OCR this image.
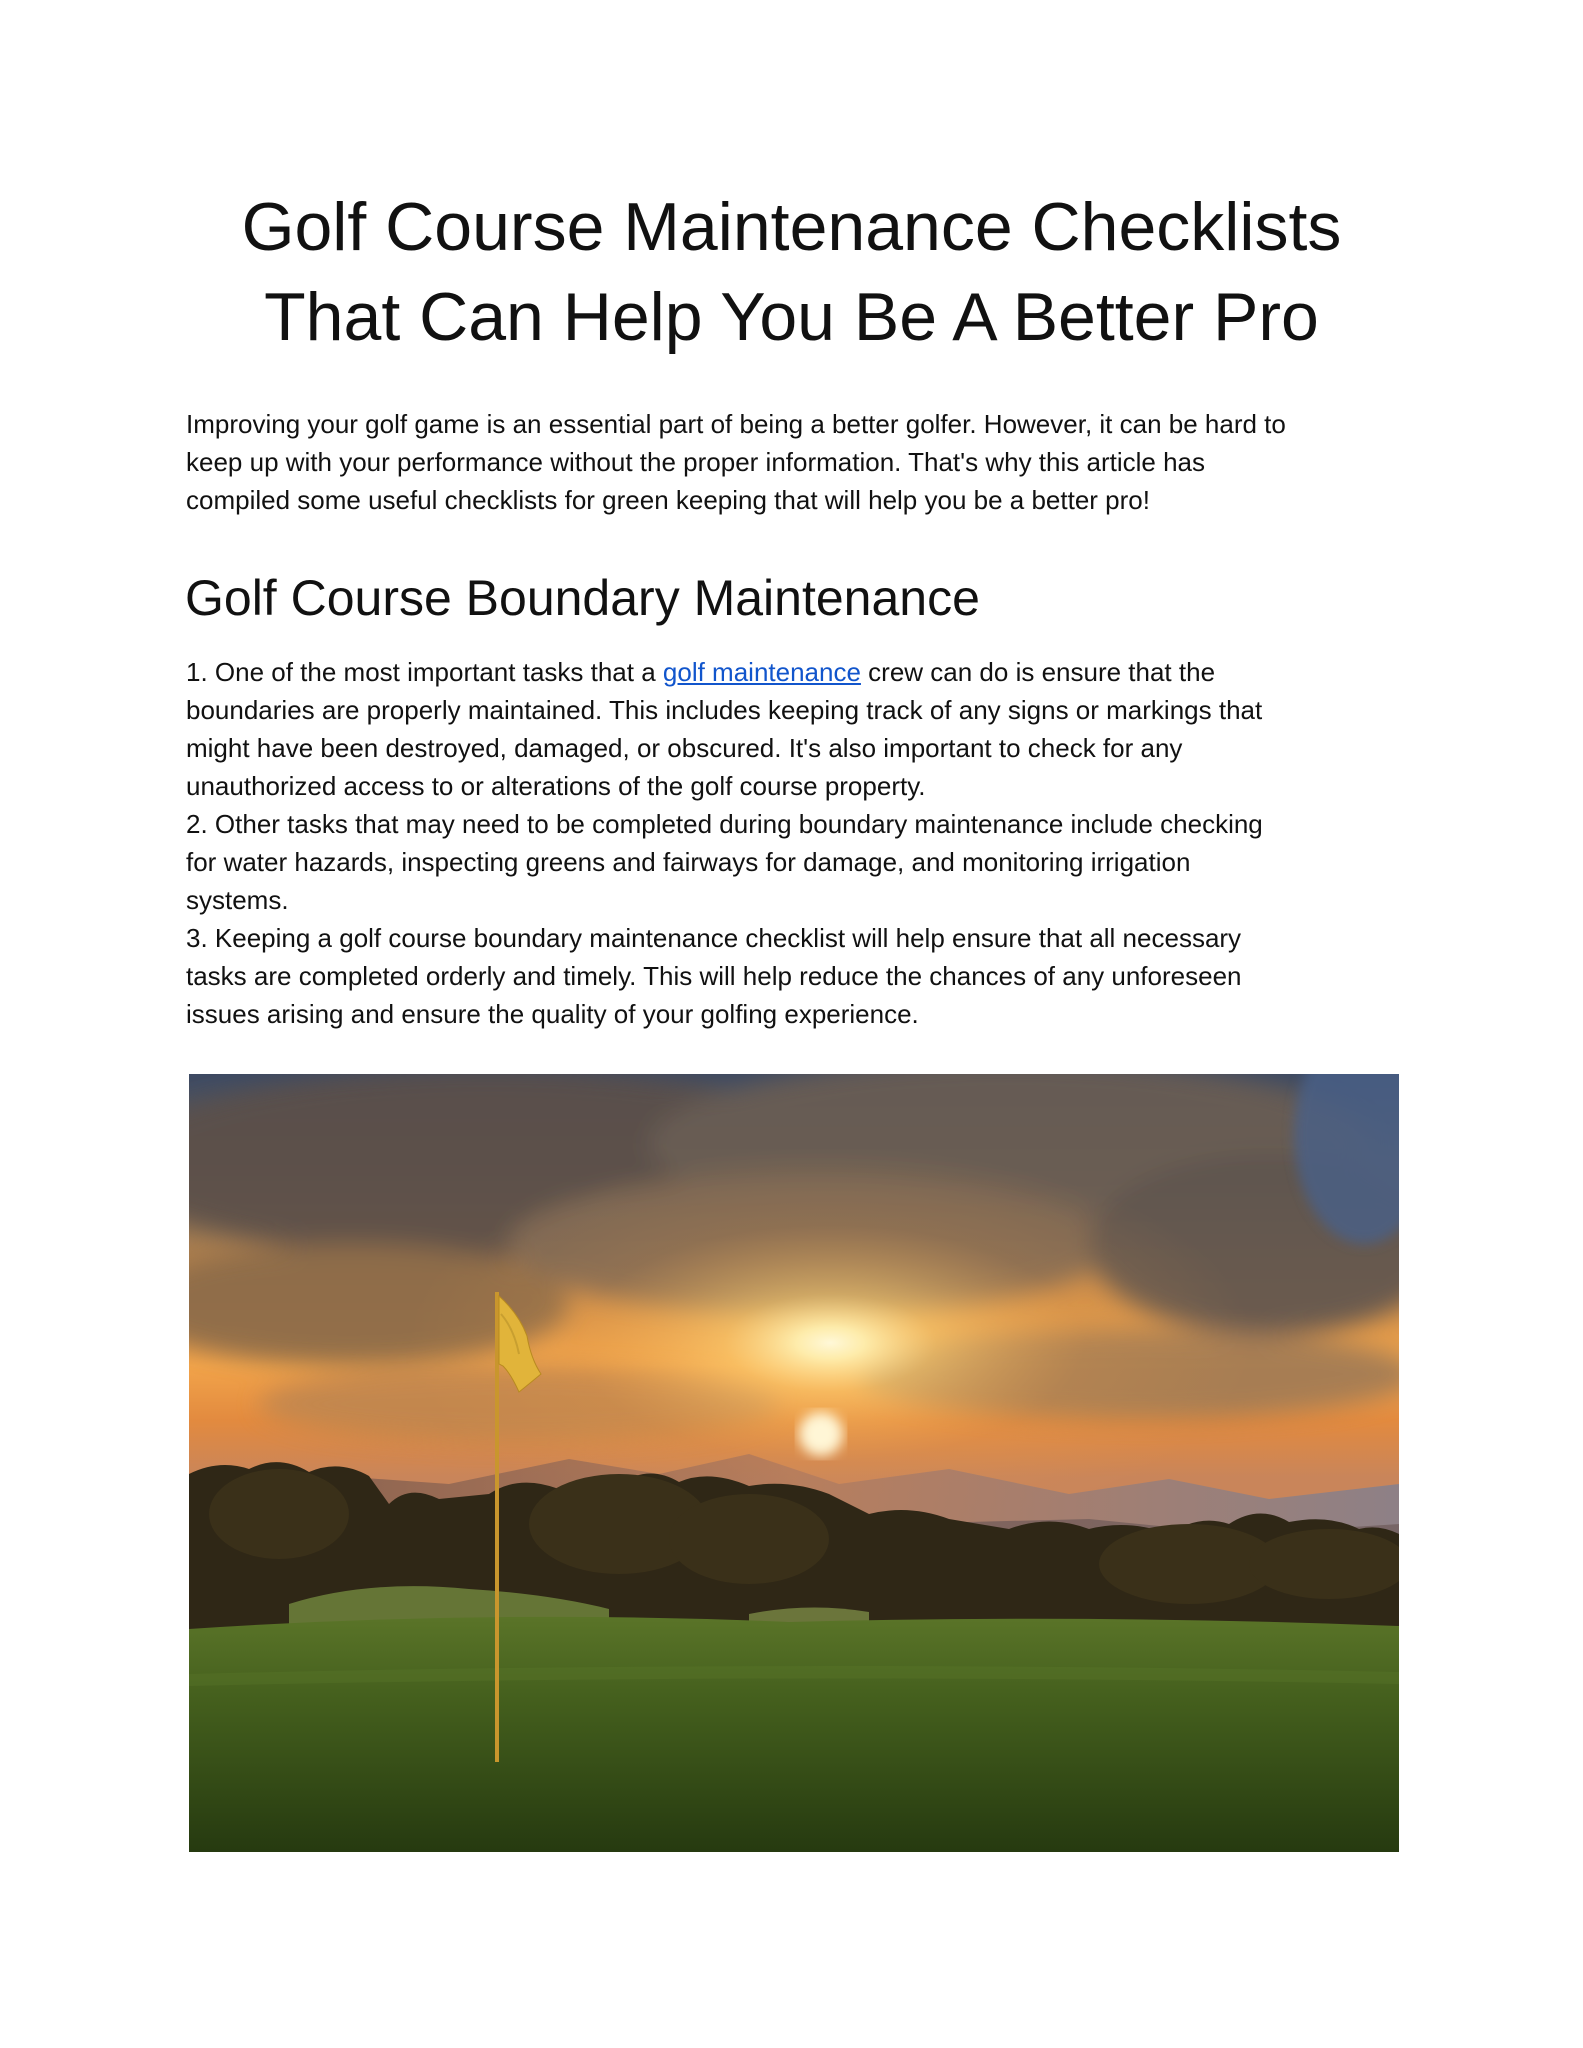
Golf Course Maintenance Checklists
That Can Help You Be A Better Pro

Improving your golf game is an essential part of being a better golfer. However, it can be hard to
keep up with your performance without the proper information. That's why this article has
compiled some useful checklists for green keeping that will help you be a better pro!

Golf Course Boundary Maintenance
1. One of the most important tasks that a golf maintenance crew can do is ensure that the
boundaries are properly maintained. This includes keeping track of any signs or markings that
might have been destroyed, damaged, or obscured. It's also important to check for any
unauthorized access to or alterations of the golf course property.
2. Other tasks that may need to be completed during boundary maintenance include checking
for water hazards, inspecting greens and fairways for damage, and monitoring irrigation
systems.
3. Keeping a golf course boundary maintenance checklist will help ensure that all necessary
tasks are completed orderly and timely. This will help reduce the chances of any unforeseen
issues arising and ensure the quality of your golfing experience.
